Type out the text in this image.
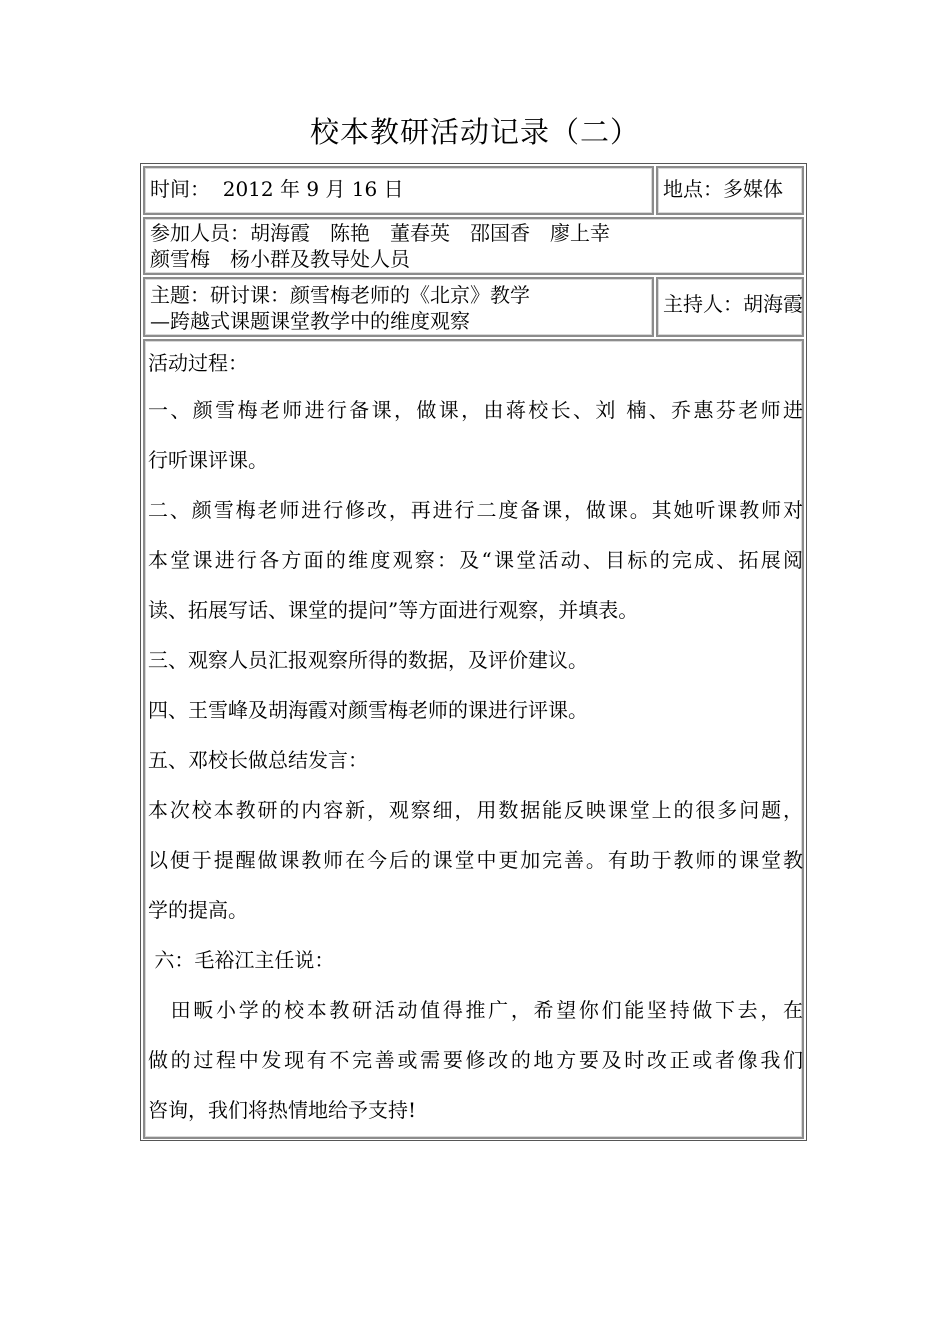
校本教研活动记录（二）
时间： 2012 年 9 月 16 日	地点：多媒体
参加人员：胡海霞　陈艳　董春英　邵国香　廖上幸
颜雪梅　杨小群及教导处人员
主题：研讨课：颜雪梅老师的《北京》教学
—跨越式课题课堂教学中的维度观察
主持人：胡海霞

活动过程：

一、颜雪梅老师进行备课，做课，由蒋校长、刘 楠、乔惠芬老师进

行听课评课。

二、颜雪梅老师进行修改，再进行二度备课，做课。其她听课教师对

本堂课进行各方面的维度观察：及“课堂活动、目标的完成、拓展阅

读、拓展写话、课堂的提问”等方面进行观察，并填表。

三、观察人员汇报观察所得的数据，及评价建议。

四、王雪峰及胡海霞对颜雪梅老师的课进行评课。

五、邓校长做总结发言：

本次校本教研的内容新，观察细，用数据能反映课堂上的很多问题，

以便于提醒做课教师在今后的课堂中更加完善。有助于教师的课堂教

学的提高。

六：毛裕江主任说：

　田畈小学的校本教研活动值得推广，希望你们能坚持做下去，在

做的过程中发现有不完善或需要修改的地方要及时改正或者像我们

咨询，我们将热情地给予支持!
